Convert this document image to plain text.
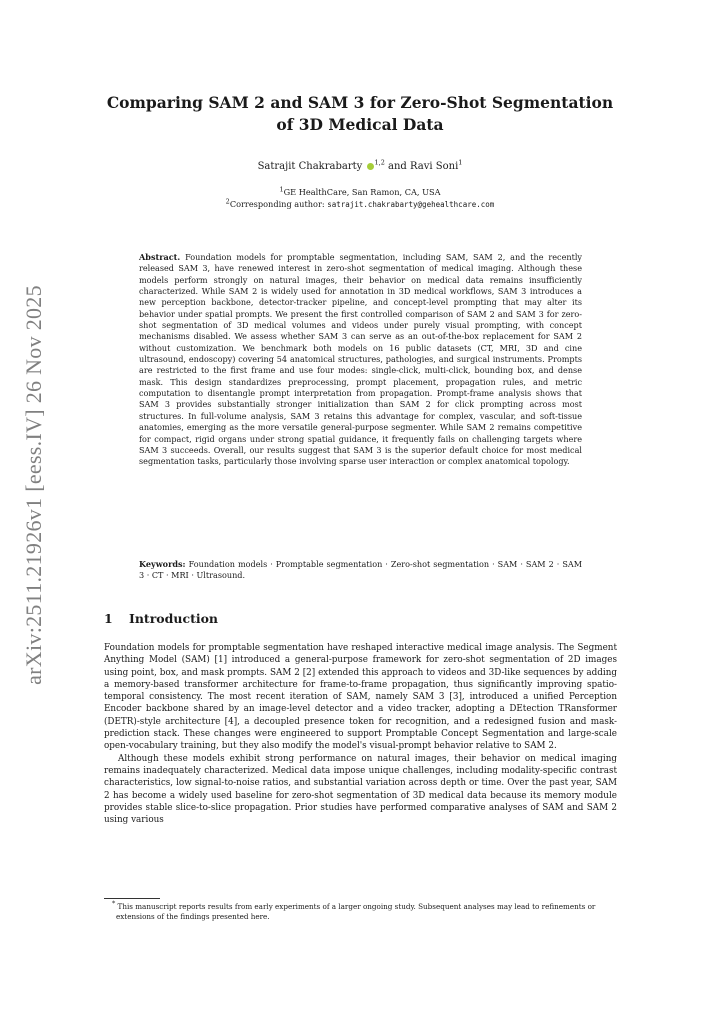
arXiv:2511.21926v1 [eess.IV] 26 Nov 2025
Comparing SAM 2 and SAM 3 for Zero-Shot Segmentation of 3D Medical Data
Satrajit Chakrabarty $^{1,2}$ and Ravi Soni$^1$
$^1$GE HealthCare, San Ramon, CA, USA
$^2$Corresponding author: satrajit.chakrabarty@gehealthcare.com
Abstract. Foundation models for promptable segmentation, including SAM, SAM 2, and the recently released SAM 3, have renewed interest in zero-shot segmentation of medical imaging. Although these models perform strongly on natural images, their behavior on medical data remains insufficiently characterized. While SAM 2 is widely used for annotation in 3D medical workflows, SAM 3 introduces a new perception backbone, detector-tracker pipeline, and concept-level prompting that may alter its behavior under spatial prompts. We present the first controlled comparison of SAM 2 and SAM 3 for zero-shot segmentation of 3D medical volumes and videos under purely visual prompting, with concept mechanisms disabled. We assess whether SAM 3 can serve as an out-of-the-box replacement for SAM 2 without customization. We benchmark both models on 16 public datasets (CT, MRI, 3D and cine ultrasound, endoscopy) covering 54 anatomical structures, pathologies, and surgical instruments. Prompts are restricted to the first frame and use four modes: single-click, multi-click, bounding box, and dense mask. This design standardizes preprocessing, prompt placement, propagation rules, and metric computation to disentangle prompt interpretation from propagation. Prompt-frame analysis shows that SAM 3 provides substantially stronger initialization than SAM 2 for click prompting across most structures. In full-volume analysis, SAM 3 retains this advantage for complex, vascular, and soft-tissue anatomies, emerging as the more versatile general-purpose segmenter. While SAM 2 remains competitive for compact, rigid organs under strong spatial guidance, it frequently fails on challenging targets where SAM 3 succeeds. Overall, our results suggest that SAM 3 is the superior default choice for most medical segmentation tasks, particularly those involving sparse user interaction or complex anatomical topology.
Keywords: Foundation models · Promptable segmentation · Zero-shot segmentation · SAM · SAM 2 · SAM 3 · CT · MRI · Ultrasound.
1 Introduction

Foundation models for promptable segmentation have reshaped interactive medical image analysis. The Segment Anything Model (SAM) [1] introduced a general-purpose framework for zero-shot segmentation of 2D images using point, box, and mask prompts. SAM 2 [2] extended this approach to videos and 3D-like sequences by adding a memory-based transformer architecture for frame-to-frame propagation, thus significantly improving spatio-temporal consistency. The most recent iteration of SAM, namely SAM 3 [3], introduced a unified Perception Encoder backbone shared by an image-level detector and a video tracker, adopting a DEtection TRansformer (DETR)-style architecture [4], a decoupled presence token for recognition, and a redesigned fusion and mask-prediction stack. These changes were engineered to support Promptable Concept Segmentation and large-scale open-vocabulary training, but they also modify the model's visual-prompt behavior relative to SAM 2.

Although these models exhibit strong performance on natural images, their behavior on medical imaging remains inadequately characterized. Medical data impose unique challenges, including modality-specific contrast characteristics, low signal-to-noise ratios, and substantial variation across depth or time. Over the past year, SAM 2 has become a widely used baseline for zero-shot segmentation of 3D medical data because its memory module provides stable slice-to-slice propagation. Prior studies have performed comparative analyses of SAM and SAM 2 using various

* This manuscript reports results from early experiments of a larger ongoing study. Subsequent analyses may lead to refinements or extensions of the findings presented here.
